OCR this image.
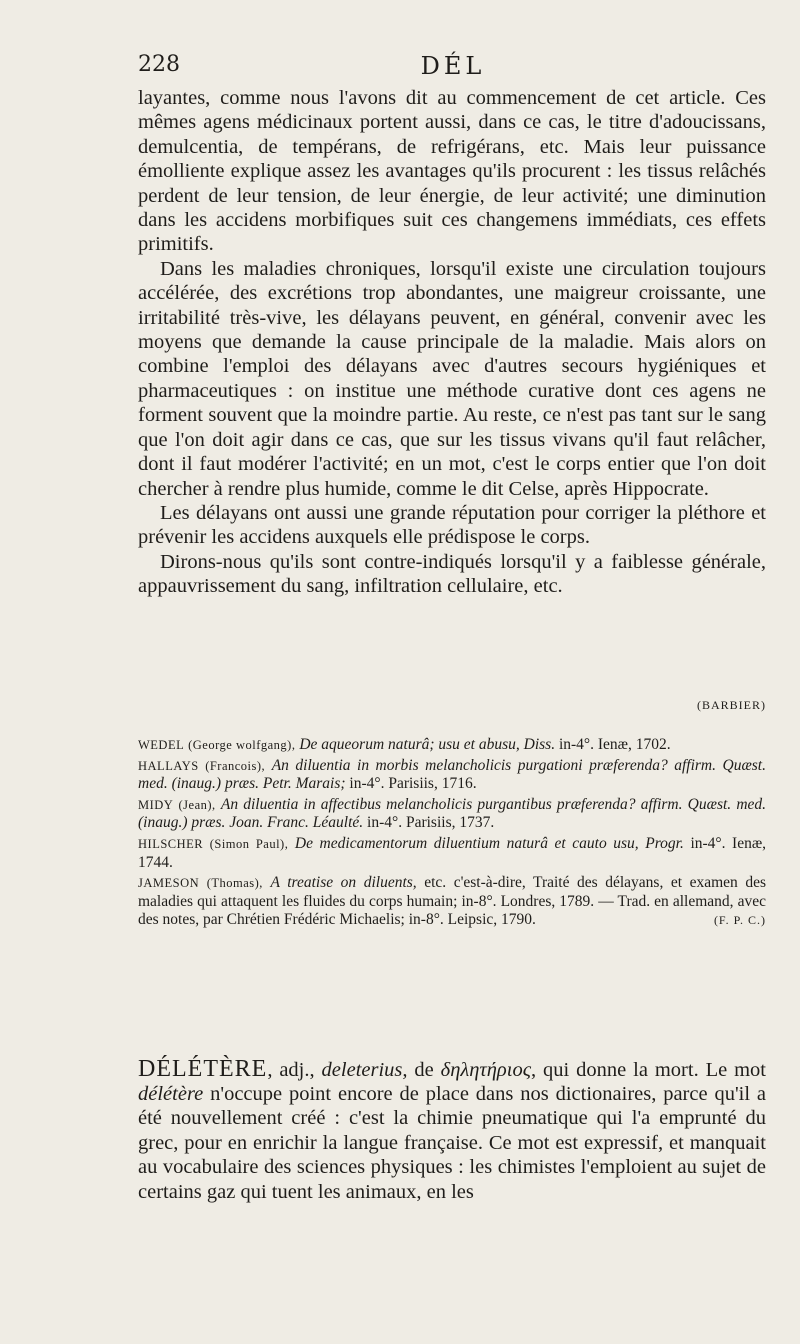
228	DÉL

layantes, comme nous l'avons dit au commencement de cet article. Ces mêmes agens médicinaux portent aussi, dans ce cas, le titre d'adoucissans, demulcentia, de tempérans, de refrigérans, etc. Mais leur puissance émolliente explique assez les avantages qu'ils procurent : les tissus relâchés perdent de leur tension, de leur énergie, de leur activité; une diminution dans les accidens morbifiques suit ces changemens immédiats, ces effets primitifs.

Dans les maladies chroniques, lorsqu'il existe une circulation toujours accélérée, des excrétions trop abondantes, une maigreur croissante, une irritabilité très-vive, les délayans peuvent, en général, convenir avec les moyens que demande la cause principale de la maladie. Mais alors on combine l'emploi des délayans avec d'autres secours hygiéniques et pharmaceutiques : on institue une méthode curative dont ces agens ne forment souvent que la moindre partie. Au reste, ce n'est pas tant sur le sang que l'on doit agir dans ce cas, que sur les tissus vivans qu'il faut relâcher, dont il faut modérer l'activité; en un mot, c'est le corps entier que l'on doit chercher à rendre plus humide, comme le dit Celse, après Hippocrate.

Les délayans ont aussi une grande réputation pour corriger la pléthore et prévenir les accidens auxquels elle prédispose le corps.

Dirons-nous qu'ils sont contre-indiqués lorsqu'il y a faiblesse générale, appauvrissement du sang, infiltration cellulaire, etc.

(BARBIER)

WEDEL (George wolfgang), De aqueorum naturâ; usu et abusu, Diss. in-4°. Ienæ, 1702.

HALLAYS (Francois), An diluentia in morbis melancholicis purgationi præferenda? affirm. Quæst. med. (inaug.) præs. Petr. Marais; in-4°. Parisiis, 1716.

MIDY (Jean), An diluentia in affectibus melancholicis purgantibus præferenda? affirm. Quæst. med. (inaug.) præs. Joan. Franc. Léaulté. in-4°. Parisiis, 1737.

HILSCHER (Simon Paul), De medicamentorum diluentium naturâ et cauto usu, Progr. in-4°. Ienæ, 1744.

JAMESON (Thomas), A treatise on diluents, etc. c'est-à-dire, Traité des délayans, et examen des maladies qui attaquent les fluides du corps humain; in-8°. Londres, 1789. — Trad. en allemand, avec des notes, par Chrétien Frédéric Michaelis; in-8°. Leipsic, 1790.	(F. P. C.)

DÉLÉTÈRE, adj., deleterius, de δηλητήριος, qui donne la mort. Le mot délétère n'occupe point encore de place dans nos dictionaires, parce qu'il a été nouvellement créé : c'est la chimie pneumatique qui l'a emprunté du grec, pour en enrichir la langue française. Ce mot est expressif, et manquait au vocabulaire des sciences physiques : les chimistes l'emploient au sujet de certains gaz qui tuent les animaux, en les
